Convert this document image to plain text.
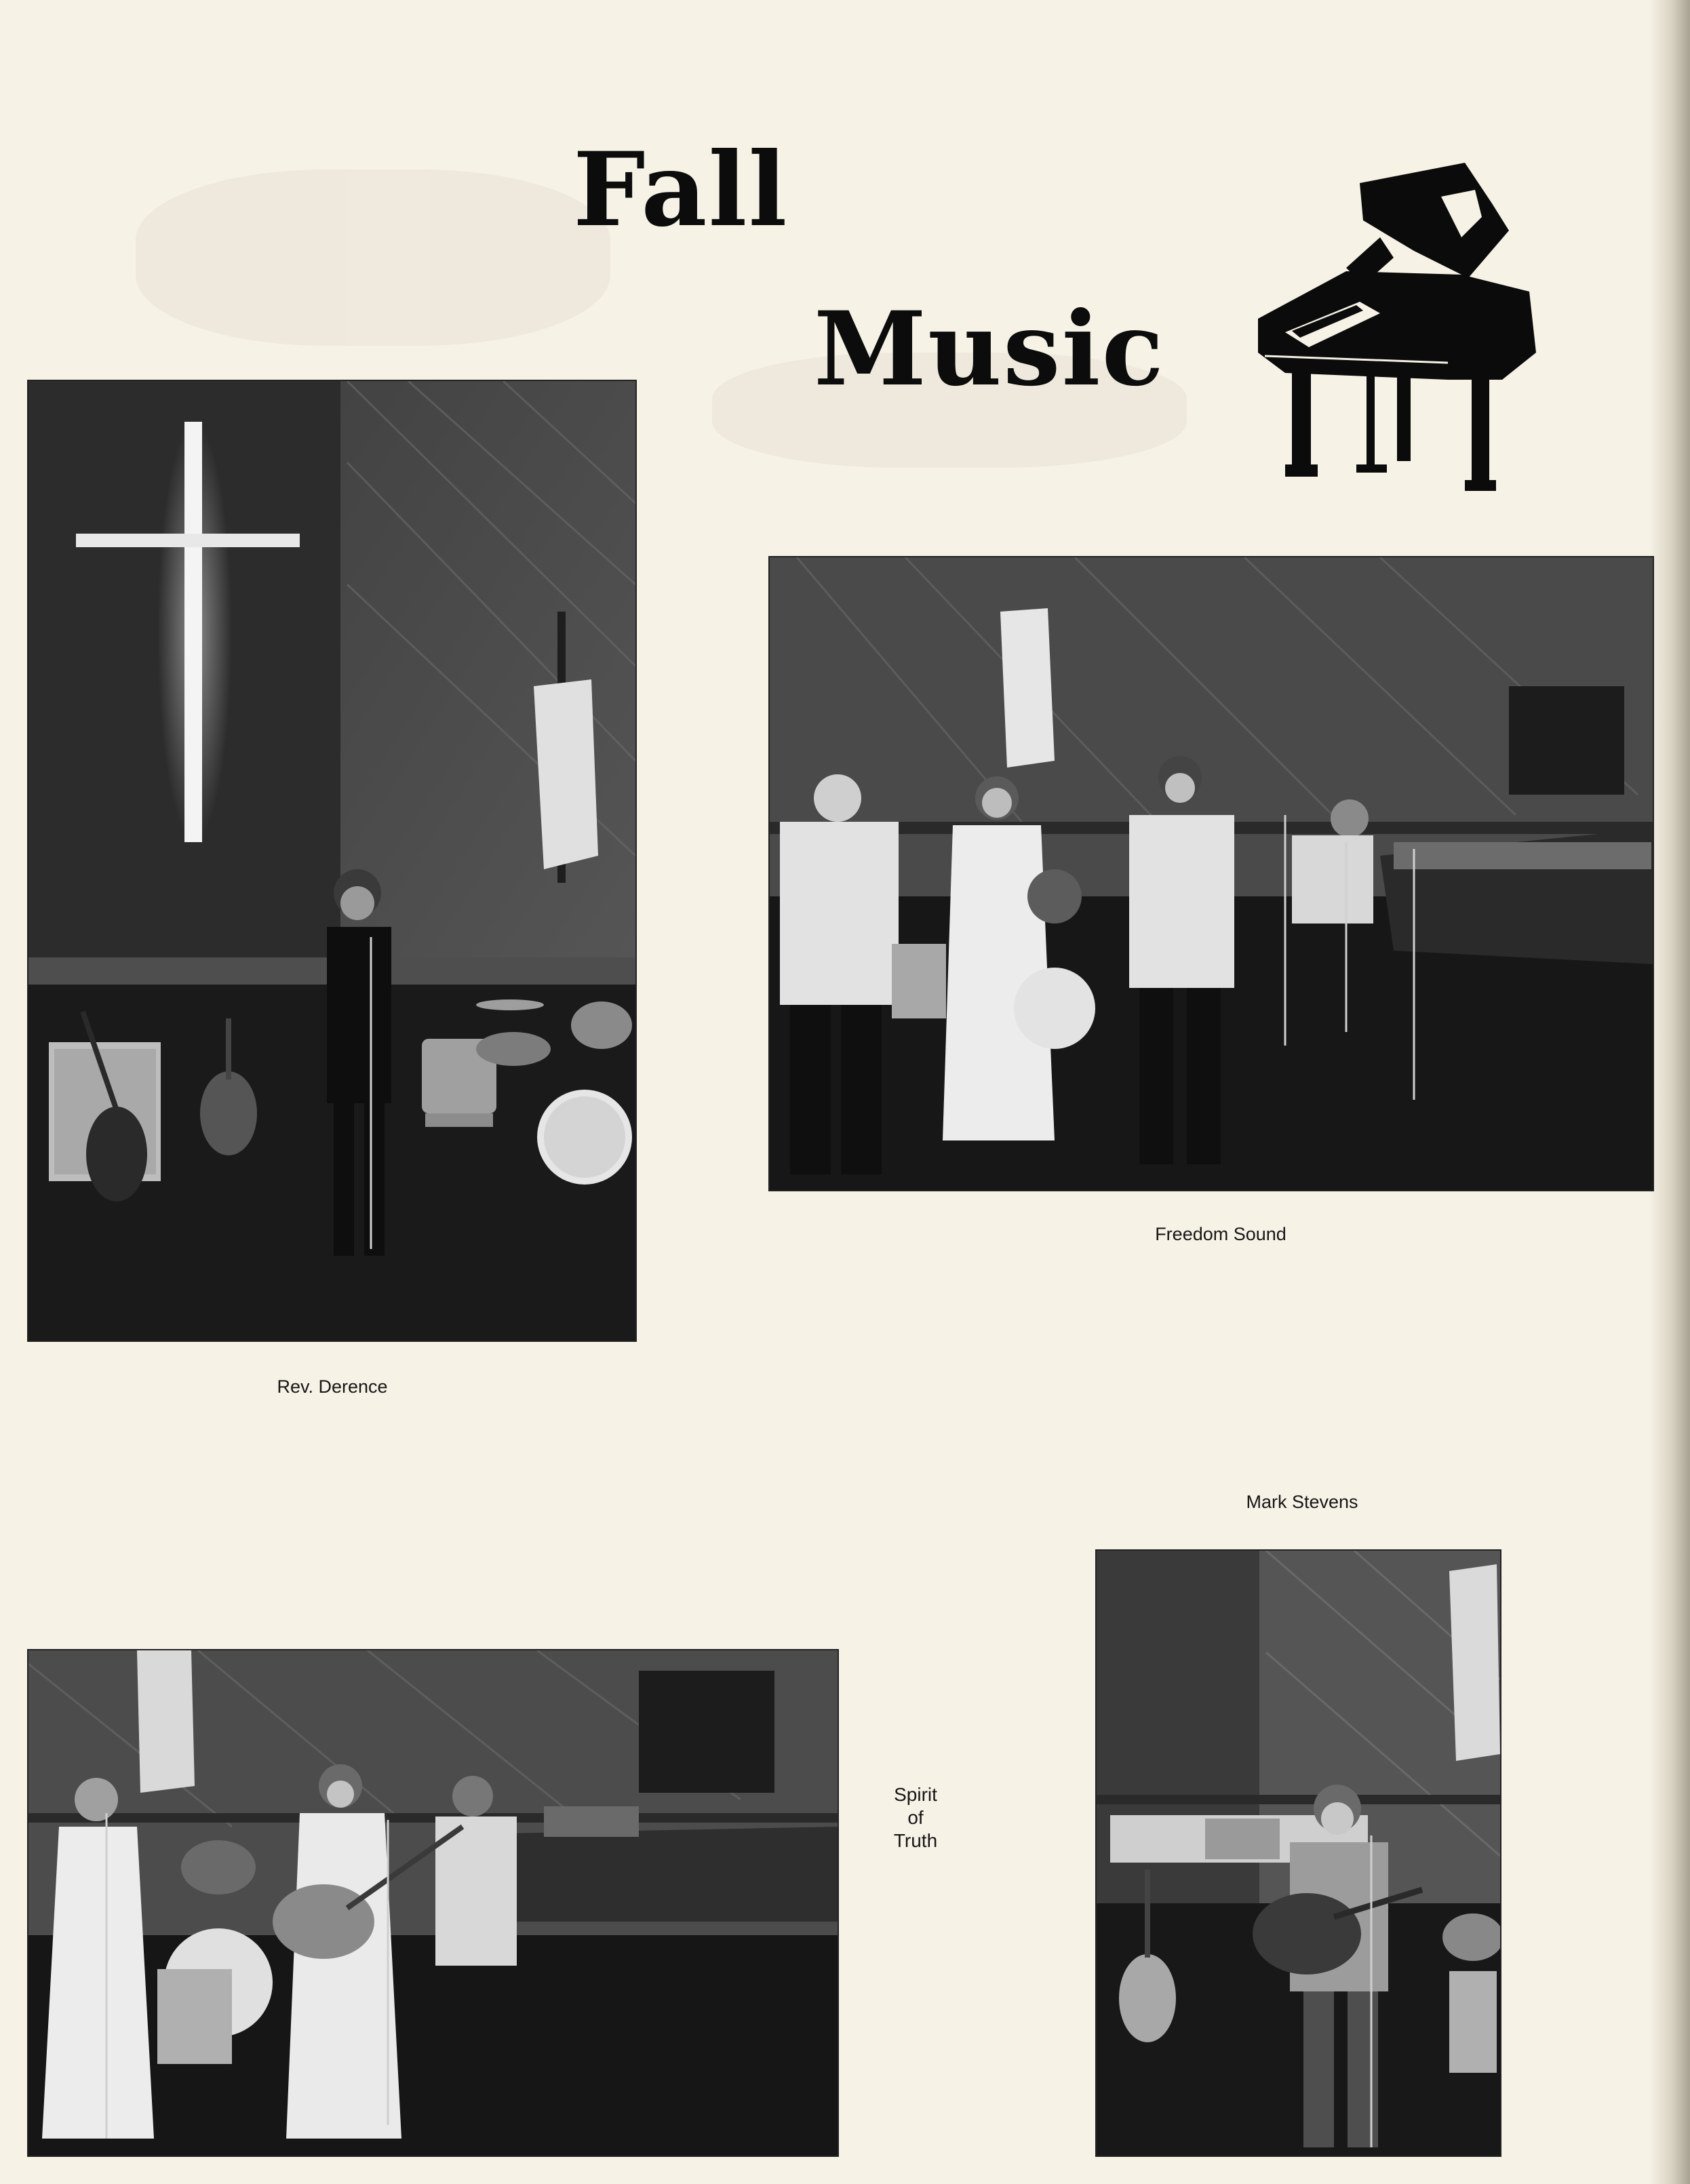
Fall
Music
Rev. Derence
Freedom Sound
Mark Stevens
Spirit
of
Truth
